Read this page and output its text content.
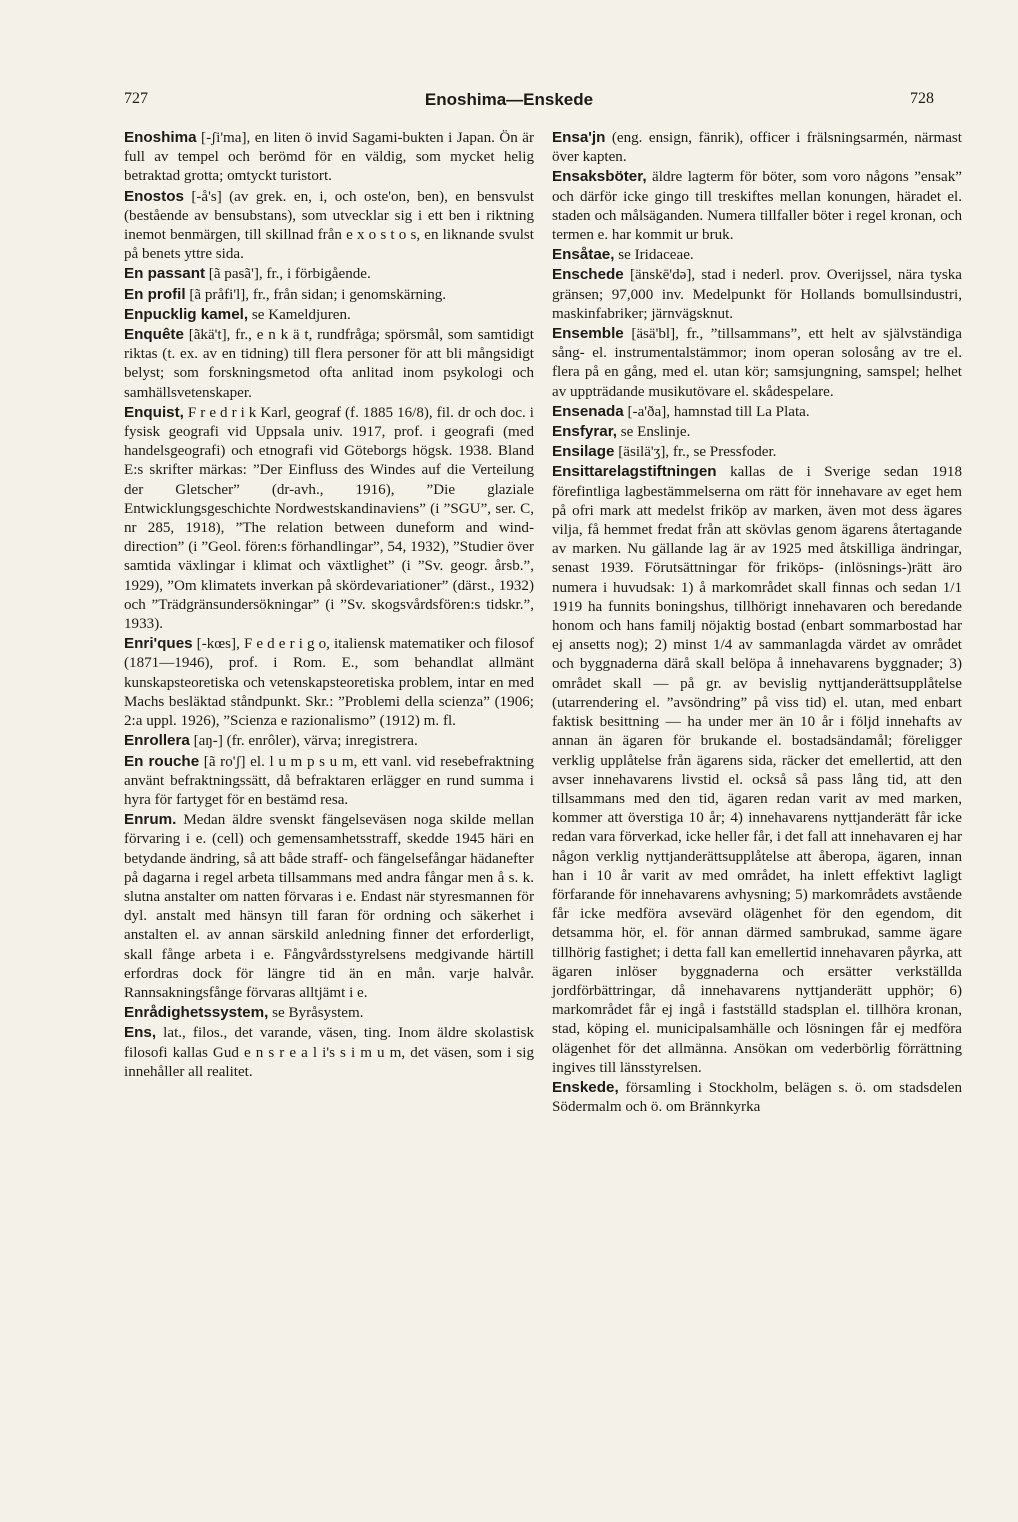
727	Enoshima—Enskede	728

Enoshima [-ʃi'ma], en liten ö invid Sagami-bukten i Japan. Ön är full av tempel och berömd för en väldig, som mycket helig betraktad grotta; omtyckt turistort.

Enostos [-å's] (av grek. en, i, och oste'on, ben), en bensvulst (bestående av bensubstans), som utvecklar sig i ett ben i riktning inemot benmärgen, till skillnad från e x o s t o s, en liknande svulst på benets yttre sida.

En passant [ã pasã'], fr., i förbigående.

En profil [ã pråfi'l], fr., från sidan; i genomskärning.

Enpucklig kamel, se Kameldjuren.

Enquête [ãkä't], fr., e n k ä t, rundfråga; spörsmål, som samtidigt riktas (t. ex. av en tidning) till flera personer för att bli mångsidigt belyst; som forskningsmetod ofta anlitad inom psykologi och samhällsvetenskaper.

Enquist, F r e d r i k Karl, geograf (f. 1885 16/8), fil. dr och doc. i fysisk geografi vid Uppsala univ. 1917, prof. i geografi (med handelsgeografi) och etnografi vid Göteborgs högsk. 1938. Bland E:s skrifter märkas: ”Der Einfluss des Windes auf die Verteilung der Gletscher” (dr-avh., 1916), ”Die glaziale Entwicklungsgeschichte Nordwestskandinaviens” (i ”SGU”, ser. C, nr 285, 1918), ”The relation between duneform and wind-direction” (i ”Geol. fören:s förhandlingar”, 54, 1932), ”Studier över samtida växlingar i klimat och växtlighet” (i ”Sv. geogr. årsb.”, 1929), ”Om klimatets inverkan på skördevariationer” (därst., 1932) och ”Trädgränsundersökningar” (i ”Sv. skogsvårdsfören:s tidskr.”, 1933).

Enri'ques [-kœs], F e d e r i g o, italiensk matematiker och filosof (1871—1946), prof. i Rom. E., som behandlat allmänt kunskapsteoretiska och vetenskapsteoretiska problem, intar en med Machs besläktad ståndpunkt. Skr.: ”Problemi della scienza” (1906; 2:a uppl. 1926), ”Scienza e razionalismo” (1912) m. fl.

Enrollera [aŋ-] (fr. enrôler), värva; inregistrera.

En rouche [ã ro'ʃ] el. l u m p s u m, ett vanl. vid resebefraktning använt befraktningssätt, då befraktaren erlägger en rund summa i hyra för fartyget för en bestämd resa.

Enrum. Medan äldre svenskt fängelseväsen noga skilde mellan förvaring i e. (cell) och gemensamhetsstraff, skedde 1945 häri en betydande ändring, så att både straff- och fängelsefångar hädanefter på dagarna i regel arbeta tillsammans med andra fångar men å s. k. slutna anstalter om natten förvaras i e. Endast när styresmannen för dyl. anstalt med hänsyn till faran för ordning och säkerhet i anstalten el. av annan särskild anledning finner det erforderligt, skall fånge arbeta i e. Fångvårdsstyrelsens medgivande härtill erfordras dock för längre tid än en mån. varje halvår. Rannsakningsfånge förvaras alltjämt i e.

Enrådighetssystem, se Byråsystem.

Ens, lat., filos., det varande, väsen, ting. Inom äldre skolastisk filosofi kallas Gud e n s r e a l i's s i m u m, det väsen, som i sig innehåller all realitet.

Ensa'jn (eng. ensign, fänrik), officer i frälsningsarmén, närmast över kapten.

Ensaksböter, äldre lagterm för böter, som voro någons ”ensak” och därför icke gingo till treskiftes mellan konungen, häradet el. staden och målsäganden. Numera tillfaller böter i regel kronan, och termen e. har kommit ur bruk.

Ensåtae, se Iridaceae.

Enschede [änskē'də], stad i nederl. prov. Overijssel, nära tyska gränsen; 97,000 inv. Medelpunkt för Hollands bomullsindustri, maskinfabriker; järnvägsknut.

Ensemble [äsä'bl], fr., ”tillsammans”, ett helt av självständiga sång- el. instrumentalstämmor; inom operan solosång av tre el. flera på en gång, med el. utan kör; samsjungning, samspel; helhet av uppträdande musikutövare el. skådespelare.

Ensenada [-a'ða], hamnstad till La Plata.

Ensfyrar, se Enslinje.

Ensilage [äsilä'ʒ], fr., se Pressfoder.

Ensittarelagstiftningen kallas de i Sverige sedan 1918 förefintliga lagbestämmelserna om rätt för innehavare av eget hem på ofri mark att medelst friköp av marken, även mot dess ägares vilja, få hemmet fredat från att skövlas genom ägarens återtagande av marken. Nu gällande lag är av 1925 med åtskilliga ändringar, senast 1939. Förutsättningar för friköps- (inlösnings-)rätt äro numera i huvudsak: 1) å markområdet skall finnas och sedan 1/1 1919 ha funnits boningshus, tillhörigt innehavaren och beredande honom och hans familj nöjaktig bostad (enbart sommarbostad har ej ansetts nog); 2) minst 1/4 av sammanlagda värdet av området och byggnaderna därå skall belöpa å innehavarens byggnader; 3) området skall — på gr. av bevislig nyttjanderättsupplåtelse (utarrendering el. ”avsöndring” på viss tid) el. utan, med enbart faktisk besittning — ha under mer än 10 år i följd innehafts av annan än ägaren för brukande el. bostadsändamål; föreligger verklig upplåtelse från ägarens sida, räcker det emellertid, att den avser innehavarens livstid el. också så pass lång tid, att den tillsammans med den tid, ägaren redan varit av med marken, kommer att överstiga 10 år; 4) innehavarens nyttjanderätt får icke redan vara förverkad, icke heller får, i det fall att innehavaren ej har någon verklig nyttjanderättsupplåtelse att åberopa, ägaren, innan han i 10 år varit av med området, ha inlett effektivt lagligt förfarande för innehavarens avhysning; 5) markområdets avstående får icke medföra avsevärd olägenhet för den egendom, dit detsamma hör, el. för annan därmed sambrukad, samme ägare tillhörig fastighet; i detta fall kan emellertid innehavaren påyrka, att ägaren inlöser byggnaderna och ersätter verkställda jordförbättringar, då innehavarens nyttjanderätt upphör; 6) markområdet får ej ingå i fastställd stadsplan el. tillhöra kronan, stad, köping el. municipalsamhälle och lösningen får ej medföra olägenhet för det allmänna. Ansökan om vederbörlig förrättning ingives till länsstyrelsen.

Enskede, församling i Stockholm, belägen s. ö. om stadsdelen Södermalm och ö. om Brännkyrka
